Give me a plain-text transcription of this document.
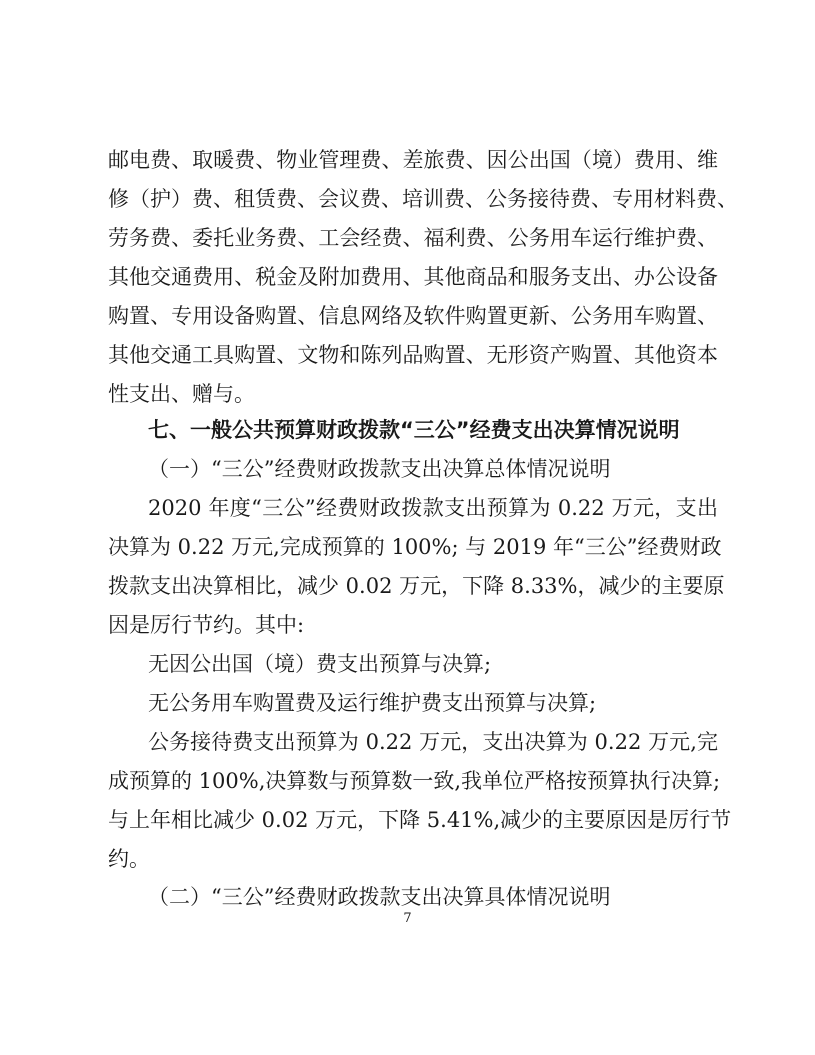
邮电费、取暖费、物业管理费、差旅费、因公出国（境）费用、维

修（护）费、租赁费、会议费、培训费、公务接待费、专用材料费、

劳务费、委托业务费、工会经费、福利费、公务用车运行维护费、

其他交通费用、税金及附加费用、其他商品和服务支出、办公设备

购置、专用设备购置、信息网络及软件购置更新、公务用车购置、

其他交通工具购置、文物和陈列品购置、无形资产购置、其他资本

性支出、赠与。

七、一般公共预算财政拨款“三公”经费支出决算情况说明

（一）“三公”经费财政拨款支出决算总体情况说明

2020 年度“三公”经费财政拨款支出预算为 0.22 万元，支出

决算为 0.22 万元,完成预算的 100%; 与 2019 年“三公”经费财政

拨款支出决算相比，减少 0.02 万元，下降 8.33%，减少的主要原

因是厉行节约。其中:

无因公出国（境）费支出预算与决算;

无公务用车购置费及运行维护费支出预算与决算;

公务接待费支出预算为 0.22 万元，支出决算为 0.22 万元,完

成预算的 100%,决算数与预算数一致,我单位严格按预算执行决算;

与上年相比减少 0.02 万元，下降 5.41%,减少的主要原因是厉行节

约。

（二）“三公”经费财政拨款支出决算具体情况说明

7
